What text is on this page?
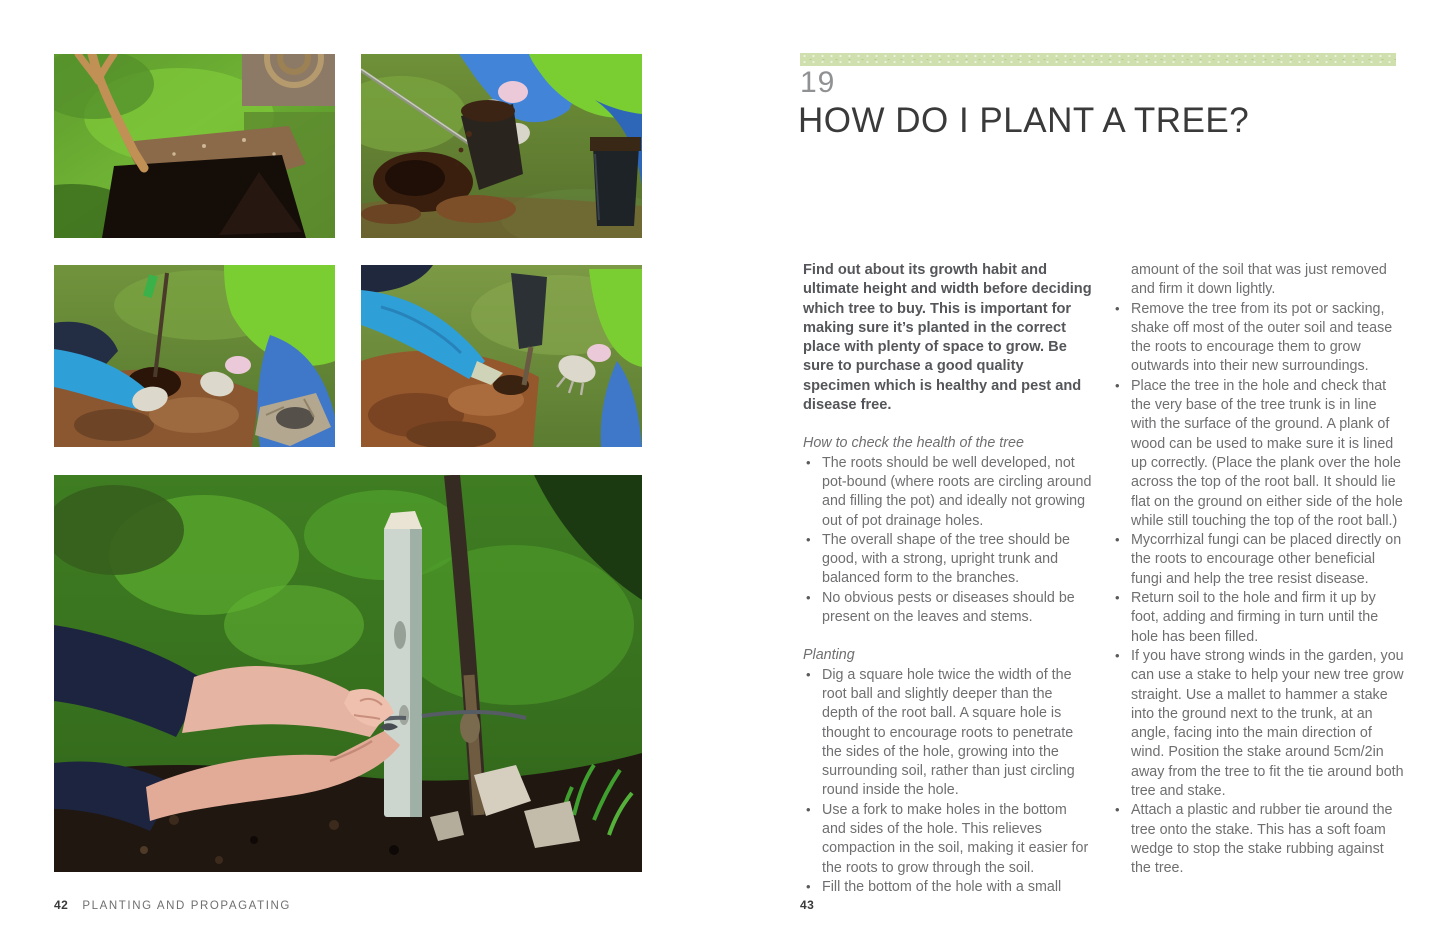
19
HOW DO I PLANT A TREE?

Find out about its growth habit and ultimate height and width before deciding which tree to buy. This is important for making sure it’s planted in the correct place with plenty of space to grow. Be sure to purchase a good quality specimen which is healthy and pest and disease free.

How to check the health of the tree

• The roots should be well developed, not pot-bound (where roots are circling around and filling the pot) and ideally not growing out of pot drainage holes.
• The overall shape of the tree should be good, with a strong, upright trunk and balanced form to the branches.
• No obvious pests or diseases should be present on the leaves and stems.

Planting

• Dig a square hole twice the width of the root ball and slightly deeper than the depth of the root ball. A square hole is thought to encourage roots to penetrate the sides of the hole, growing into the surrounding soil, rather than just circling round inside the hole.
• Use a fork to make holes in the bottom and sides of the hole. This relieves compaction in the soil, making it easier for the roots to grow through the soil.
• Fill the bottom of the hole with a small
amount of the soil that was just removed and firm it down lightly.
• Remove the tree from its pot or sacking, shake off most of the outer soil and tease the roots to encourage them to grow outwards into their new surroundings.
• Place the tree in the hole and check that the very base of the tree trunk is in line with the surface of the ground. A plank of wood can be used to make sure it is lined up correctly. (Place the plank over the hole across the top of the root ball. It should lie flat on the ground on either side of the hole while still touching the top of the root ball.)
• Mycorrhizal fungi can be placed directly on the roots to encourage other beneficial fungi and help the tree resist disease.
• Return soil to the hole and firm it up by foot, adding and firming in turn until the hole has been filled.
• If you have strong winds in the garden, you can use a stake to help your new tree grow straight. Use a mallet to hammer a stake into the ground next to the trunk, at an angle, facing into the main direction of wind. Position the stake around 5cm/2in away from the tree to fit the tie around both tree and stake.
• Attach a plastic and rubber tie around the tree onto the stake. This has a soft foam wedge to stop the stake rubbing against the tree.
42 PLANTING AND PROPAGATING	43
